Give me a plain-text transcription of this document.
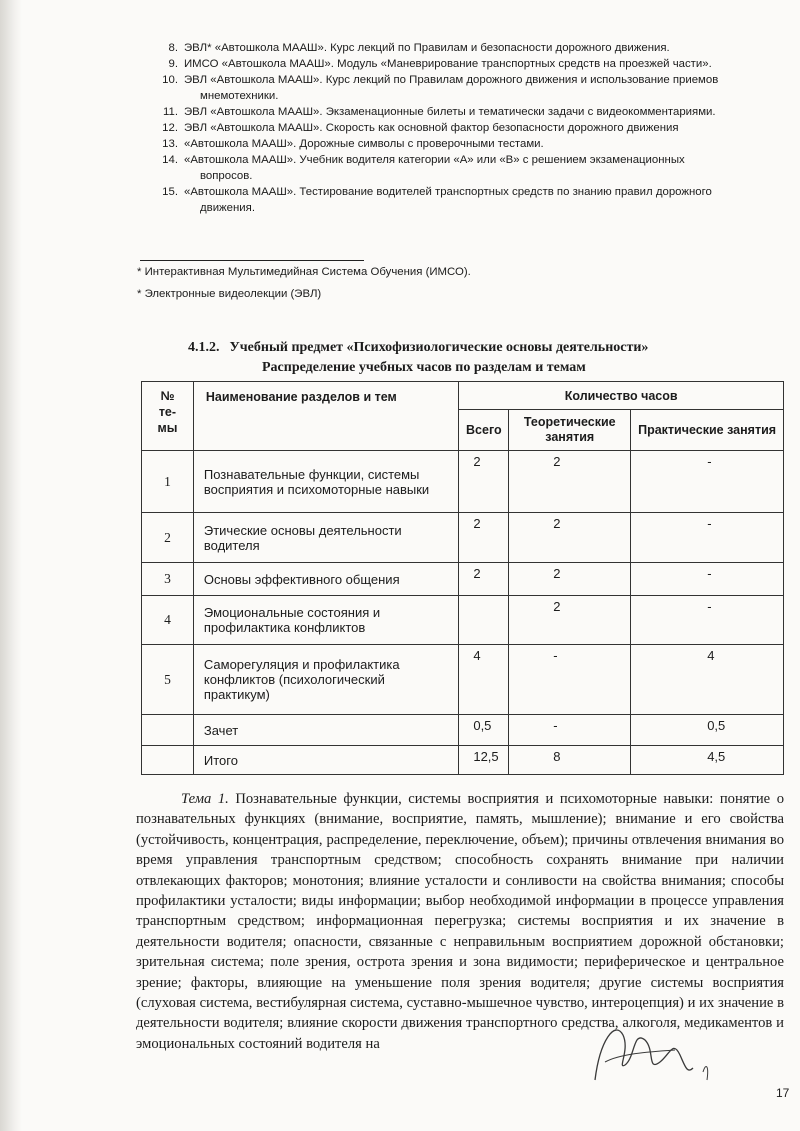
8. ЭВЛ* «Автошкола МААШ». Курс лекций по Правилам и безопасности дорожного движения.
9. ИМСО «Автошкола МААШ». Модуль «Маневрирование транспортных средств на проезжей части».
10. ЭВЛ «Автошкола МААШ». Курс лекций по Правилам дорожного движения и использование приемов
мнемотехники.
11. ЭВЛ «Автошкола МААШ». Экзаменационные билеты и тематически задачи с видеокомментариями.
12. ЭВЛ «Автошкола МААШ». Скорость как основной фактор безопасности дорожного движения
13. «Автошкола МААШ». Дорожные символы с проверочными тестами.
14. «Автошкола МААШ». Учебник водителя категории «А» или «В» с решением экзаменационных
вопросов.
15. «Автошкола МААШ». Тестирование водителей транспортных средств по знанию правил дорожного
движения.
* Интерактивная Мультимедийная Система Обучения (ИМСО).
* Электронные видеолекции (ЭВЛ)
4.1.2. Учебный предмет «Психофизиологические основы деятельности»
Распределение учебных часов по разделам и темам
№
те-
мы	Наименование разделов и тем	Количество часов		
		Всего	Теоретические занятия	Практические занятия
1	Познавательные функции, системы восприятия и психомоторные навыки	2	2	-
2	Этические основы деятельности водителя	2	2	-
3	Основы эффективного общения	2	2	-
4	Эмоциональные состояния и профилактика конфликтов		2	-
5	Саморегуляция и профилактика конфликтов (психологический практикум)	4	-	4
	Зачет	0,5	-	0,5
	Итого	12,5	8	4,5

Тема 1. Познавательные функции, системы восприятия и психомоторные навыки: понятие о познавательных функциях (внимание, восприятие, память, мышление); внимание и его свойства (устойчивость, концентрация, распределение, переключение, объем); причины отвлечения внимания во время управления транспортным средством; способность сохранять внимание при наличии отвлекающих факторов; монотония; влияние усталости и сонливости на свойства внимания; способы профилактики усталости; виды информации; выбор необходимой информации в процессе управления транспортным средством; информационная перегрузка; системы восприятия и их значение в деятельности водителя; опасности, связанные с неправильным восприятием дорожной обстановки; зрительная система; поле зрения, острота зрения и зона видимости; периферическое и центральное зрение; факторы, влияющие на уменьшение поля зрения водителя; другие системы восприятия (слуховая система, вестибулярная система, суставно-мышечное чувство, интероцепция) и их значение в деятельности водителя; влияние скорости движения транспортного средства, алкоголя, медикаментов и эмоциональных состояний водителя на

17
